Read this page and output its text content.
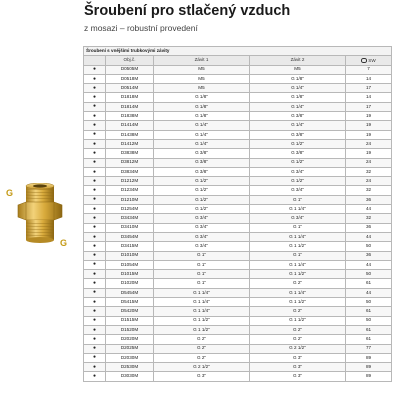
Šroubení pro stlačený vzduch
z mosazi – robustní provedení
G
G
Šroubení s vnějšími trubkovými závity				
	Obj.č.	Závit 1	Závit 2	SW
●	D0505M	M5	M5	7
●	D0518M	M5	G 1/8"	14
●	D0514M	M5	G 1/4"	17
●	D1818M	G 1/8"	G 1/8"	14
●	D1814M	G 1/8"	G 1/4"	17
●	D1838M	G 1/8"	G 3/8"	19
●	D1414M	G 1/4"	G 1/4"	19
●	D1438M	G 1/4"	G 3/8"	19
●	D1412M	G 1/4"	G 1/2"	24
●	D3838M	G 3/8"	G 3/8"	19
●	D3812M	G 3/8"	G 1/2"	24
●	D3834M	G 3/8"	G 3/4"	32
●	D1212M	G 1/2"	G 1/2"	24
●	D1234M	G 1/2"	G 3/4"	32
●	D1210M	G 1/2"	G 1"	36
●	D1254M	G 1/2"	G 1 1/4"	44
●	D3434M	G 3/4"	G 3/4"	32
●	D3410M	G 3/4"	G 1"	36
●	D3454M	G 3/4"	G 1 1/4"	44
●	D3415M	G 3/4"	G 1 1/2"	50
●	D1010M	G 1"	G 1"	36
●	D1054M	G 1"	G 1 1/4"	44
●	D1015M	G 1"	G 1 1/2"	50
●	D1020M	G 1"	G 2"	61
●	D5454M	G 1 1/4"	G 1 1/4"	44
●	D5415M	G 1 1/4"	G 1 1/2"	50
●	D5420M	G 1 1/4"	G 2"	61
●	D1515M	G 1 1/2"	G 1 1/2"	50
●	D1520M	G 1 1/2"	G 2"	61
●	D2020M	G 2"	G 2"	61
●	D2025M	G 2"	G 2 1/2"	77
●	D2030M	G 2"	G 3"	89
●	D2530M	G 2 1/2"	G 3"	89
●	D3030M	G 3"	G 3"	89
